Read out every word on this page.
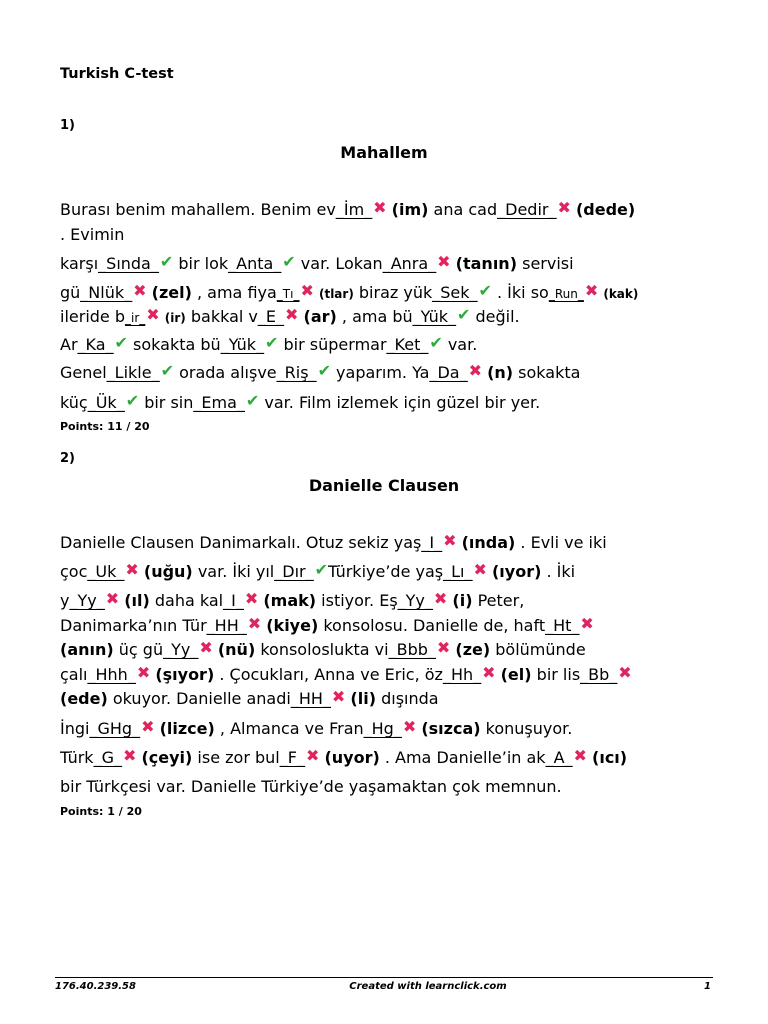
Turkish C-test
1)
Mahallem
Burası benim mahallem. Benim ev_İm_✖ (im) ana cad_Dedir_✖ (dede)
. Evimin
karşı_Sında_✔ bir lok_Anta_✔ var. Lokan_Anra_✖ (tanın) servisi
gü_Nlük_✖ (zel) , ama fiya_Tı_✖ (tlar) biraz yük_Sek_✔ . İki so_Run_✖ (kak)
ileride b_ir_✖ (ir) bakkal v_E_✖ (ar) , ama bü_Yük_✔ değil.
Ar_Ka_✔ sokakta bü_Yük_✔ bir süpermar_Ket_✔ var.
Genel_Likle_✔ orada alışve_Riş_✔ yaparım. Ya_Da_✖ (n) sokakta
küç_Ük_✔ bir sin_Ema_✔ var. Film izlemek için güzel bir yer.
Points: 11 / 20
2)
Danielle Clausen
Danielle Clausen Danimarkalı. Otuz sekiz yaş_I_✖ (ında) . Evli ve iki
çoc_Uk_✖ (uğu) var. İki yıl_Dır_✔Türkiye’de yaş_Lı_✖ (ıyor) . İki
y_Yy_✖ (ıl) daha kal_I_✖ (mak) istiyor. Eş_Yy_✖ (i) Peter,
Danimarka’nın Tür_HH_✖ (kiye) konsolosu. Danielle de, haft_Ht_✖
(anın) üç gü_Yy_✖ (nü) konsoloslukta vi_Bbb_✖ (ze) bölümünde
çalı_Hhh_✖ (şıyor) . Çocukları, Anna ve Eric, öz_Hh_✖ (el) bir lis_Bb_✖
(ede) okuyor. Danielle anadi_HH_✖ (li) dışında
İngi_GHg_✖ (lizce) , Almanca ve Fran_Hg_✖ (sızca) konuşuyor.
Türk_G_✖ (çeyi) ise zor bul_F_✖ (uyor) . Ama Danielle’in ak_A_✖ (ıcı)
bir Türkçesi var. Danielle Türkiye’de yaşamaktan çok memnun.
Points: 1 / 20
176.40.239.58	Created with learnclick.com	1
